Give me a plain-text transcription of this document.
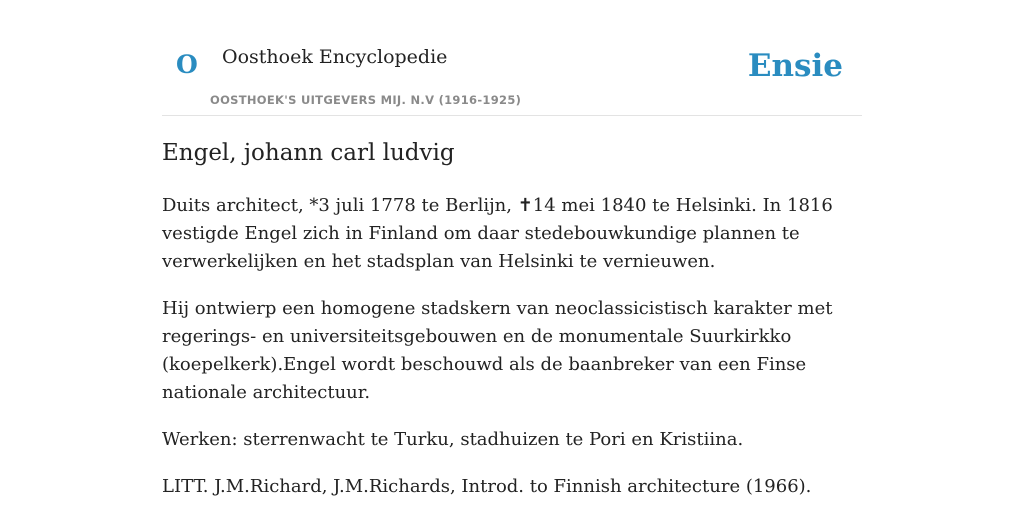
O Oosthoek Encyclopedie
OOSTHOEK'S UITGEVERS MIJ. N.V (1916-1925)
Ensie
Engel, johann carl ludvig

Duits architect, *3 juli 1778 te Berlijn, ✝14 mei 1840 te Helsinki. In 1816 vestigde Engel zich in Finland om daar stedebouwkundige plannen te verwerkelijken en het stadsplan van Helsinki te vernieuwen.

Hij ontwierp een homogene stadskern van neoclassicistisch karakter met regerings- en universiteitsgebouwen en de monumentale Suurkirkko (koepelkerk).Engel wordt beschouwd als de baanbreker van een Finse nationale architectuur.

Werken: sterrenwacht te Turku, stadhuizen te Pori en Kristiina.

LITT. J.M.Richard, J.M.Richards, Introd. to Finnish architecture (1966).
